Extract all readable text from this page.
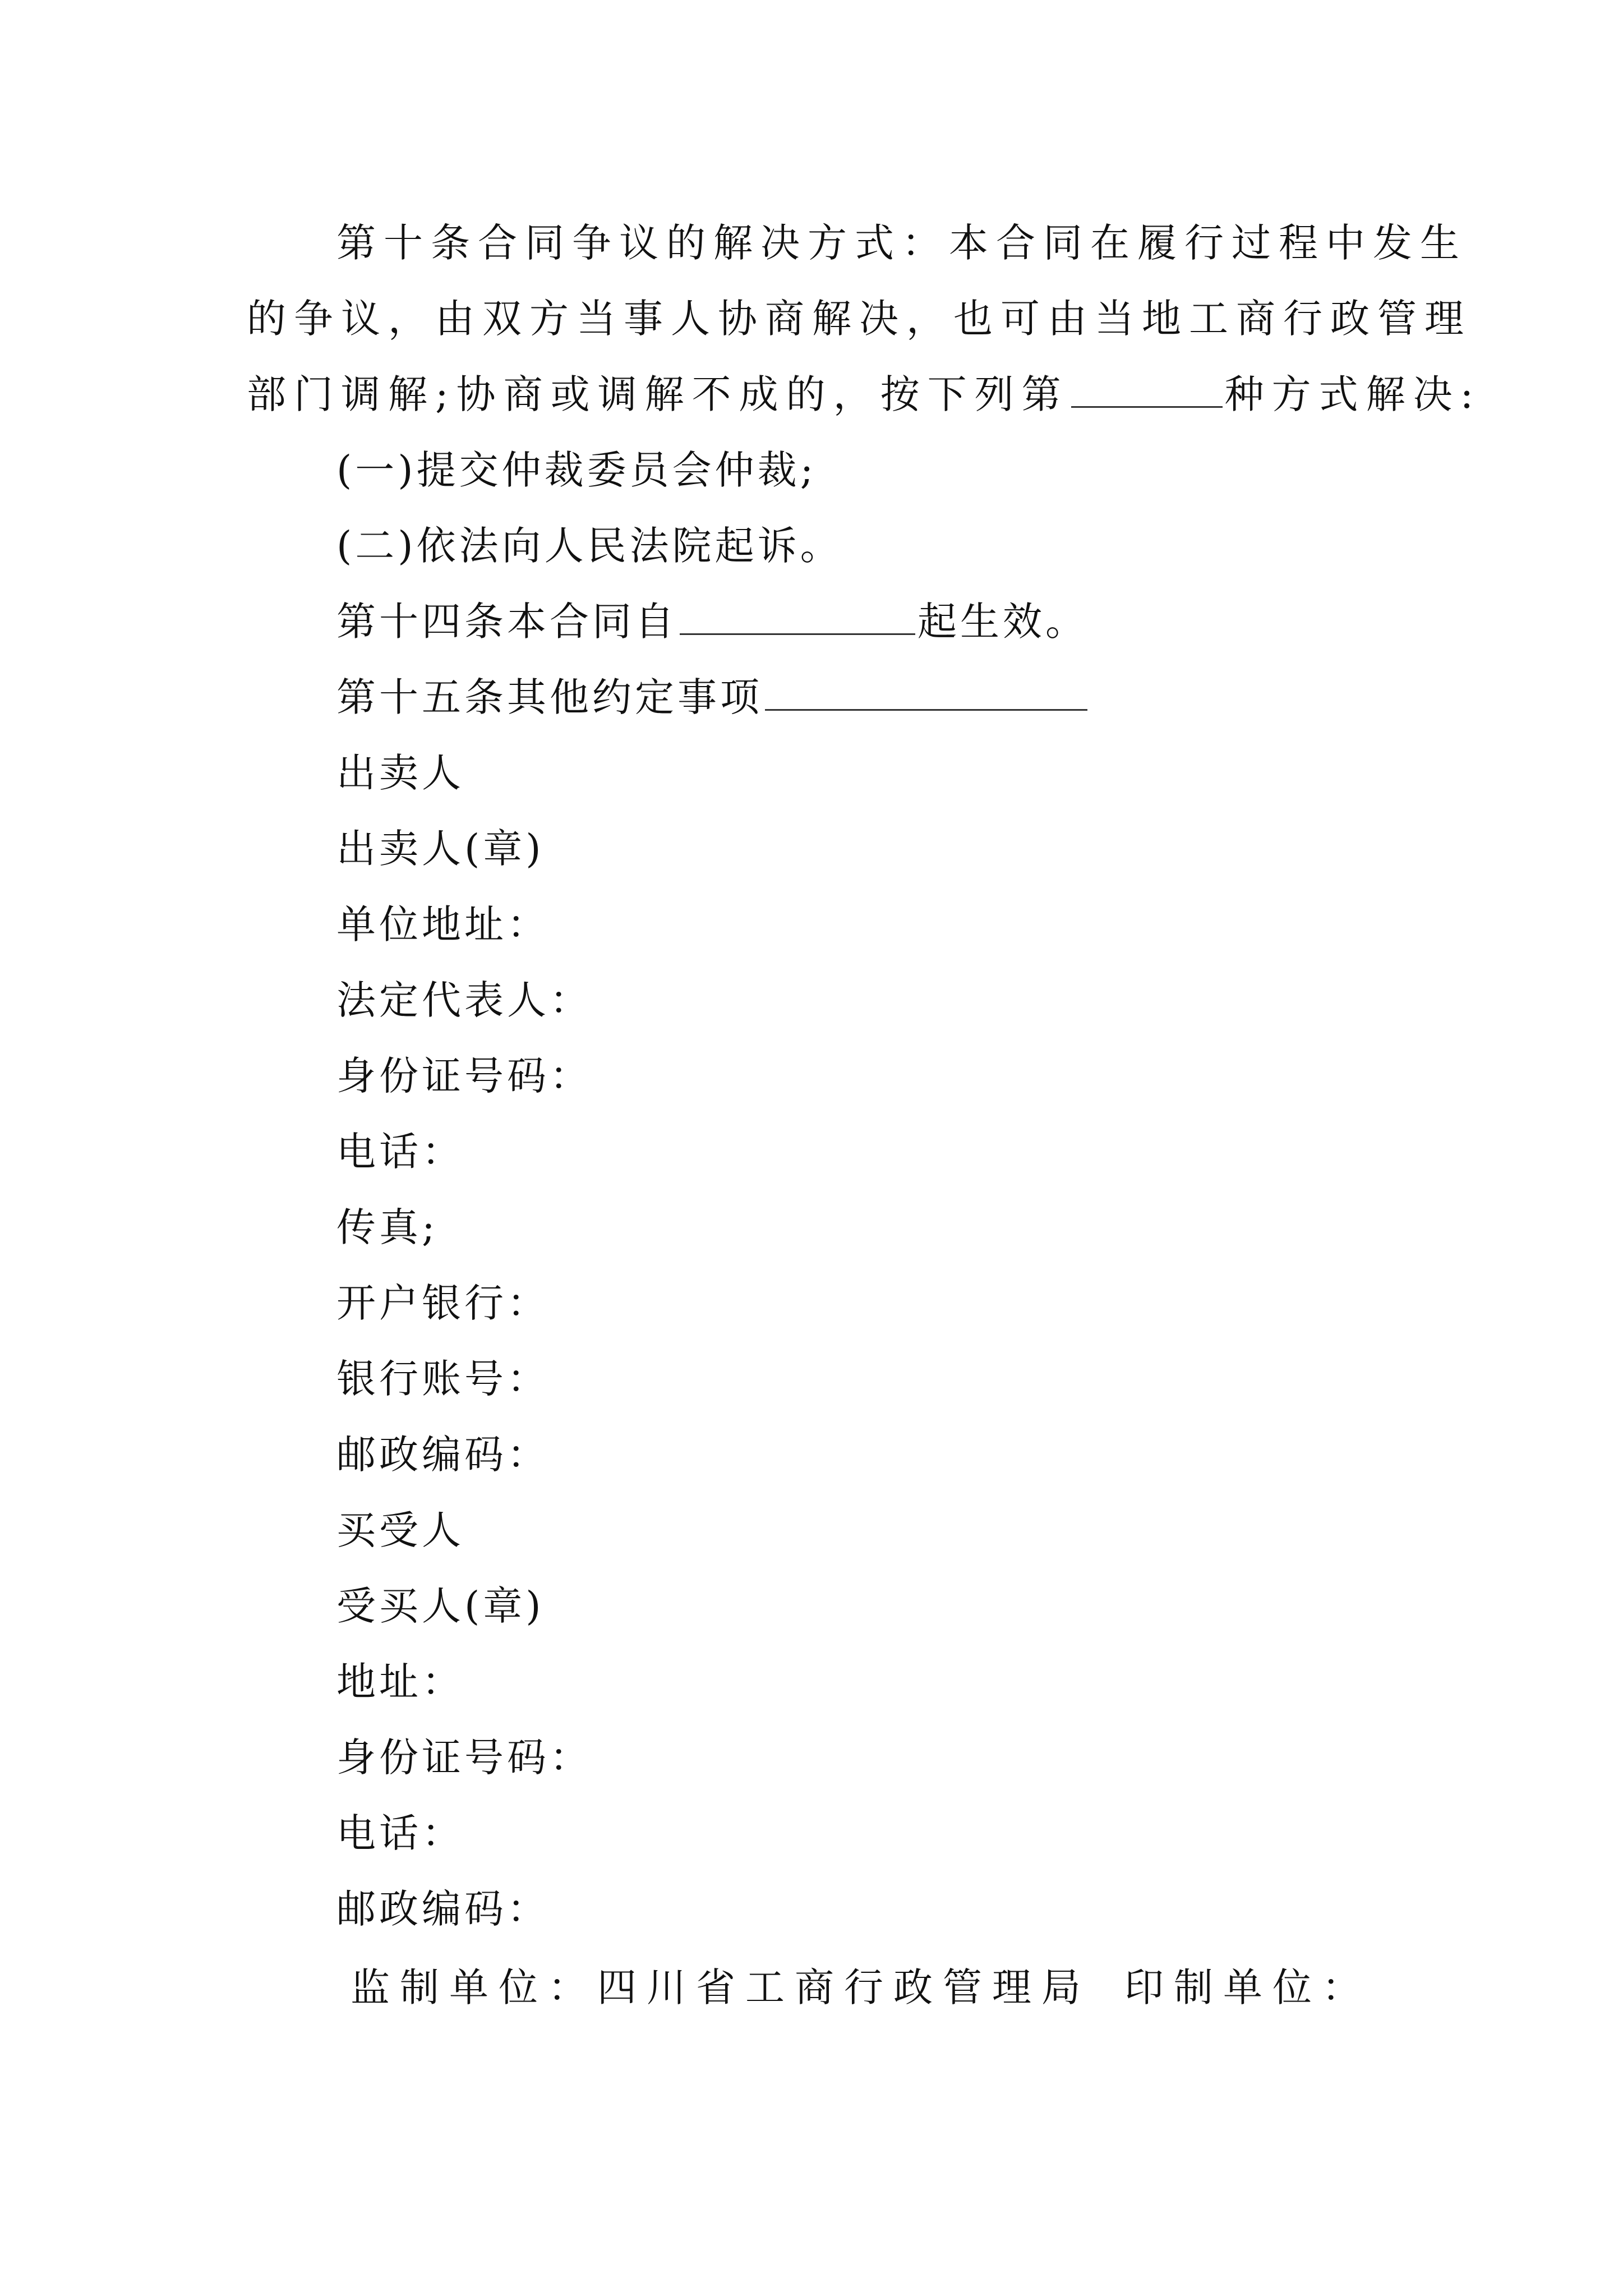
第十条合同争议的解决方式：本合同在履行过程中发生
的争议，由双方当事人协商解决，也可由当地工商行政管理
部门调解;协商或调解不成的，按下列第	种方式解决:
(一)提交仲裁委员会仲裁;
(二)依法向人民法院起诉。
第十四条本合同自	起生效。
第十五条其他约定事项
出卖人
出卖人(章)
单位地址：
法定代表人：
身份证号码：
电话：
传真;
开户银行：
银行账号：
邮政编码：
买受人
受买人(章)
地址：
身份证号码：
电话：
邮政编码：
监制单位：四川省工商行政管理局 印制单位：
